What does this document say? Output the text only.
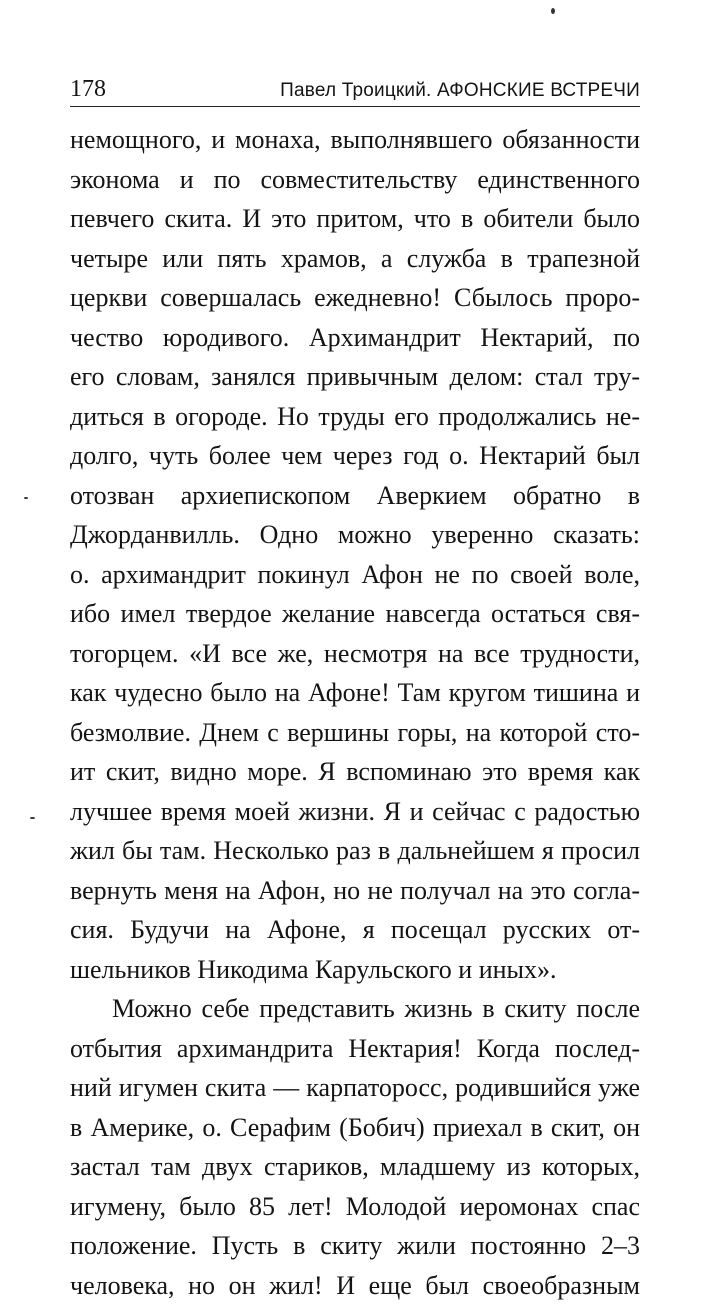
178	Павел Троицкий. АФОНСКИЕ ВСТРЕЧИ
немощного, и монаха, выполнявшего обязанности
эконома и по совместительству единственного
певчего скита. И это притом, что в обители было
четыре или пять храмов, а служба в трапезной
церкви совершалась ежедневно! Сбылось проро-
чество юродивого. Архимандрит Нектарий, по
его словам, занялся привычным делом: стал тру-
диться в огороде. Но труды его продолжались не-
долго, чуть более чем через год о. Нектарий был
отозван архиепископом Аверкием обратно в
Джорданвилль. Одно можно уверенно сказать:
о. архимандрит покинул Афон не по своей воле,
ибо имел твердое желание навсегда остаться свя-
тогорцем. «И все же, несмотря на все трудности,
как чудесно было на Афоне! Там кругом тишина и
безмолвие. Днем с вершины горы, на которой сто-
ит скит, видно море. Я вспоминаю это время как
лучшее время моей жизни. Я и сейчас с радостью
жил бы там. Несколько раз в дальнейшем я просил
вернуть меня на Афон, но не получал на это согла-
сия. Будучи на Афоне, я посещал русских от-
шельников Никодима Карульского и иных».
Можно себе представить жизнь в скиту после
отбытия архимандрита Нектария! Когда послед-
ний игумен скита — карпаторосс, родившийся уже
в Америке, о. Серафим (Бобич) приехал в скит, он
застал там двух стариков, младшему из которых,
игумену, было 85 лет! Молодой иеромонах спас
положение. Пусть в скиту жили постоянно 2–3
человека, но он жил! И еще был своеобразным
